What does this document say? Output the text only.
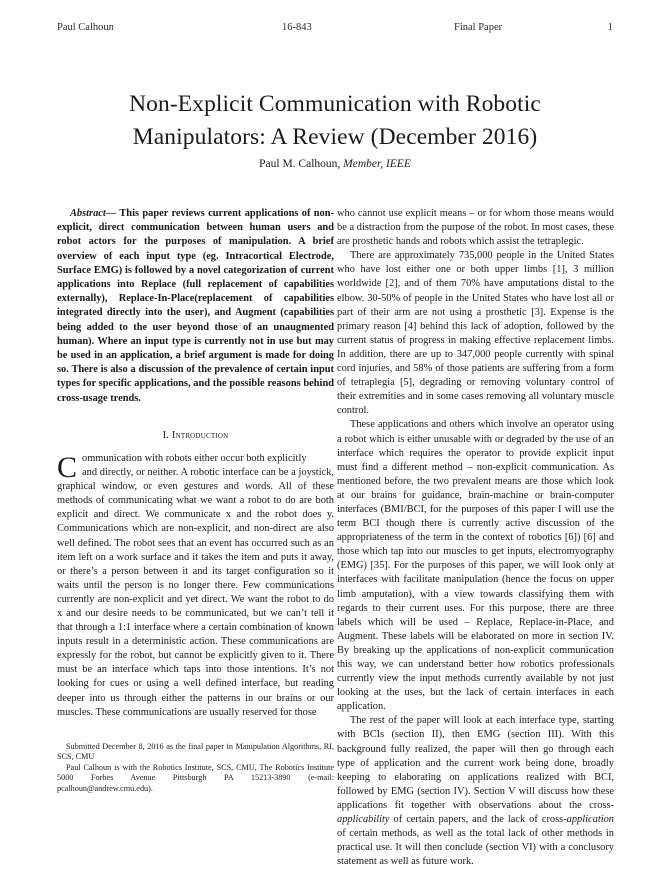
Paul Calhoun	16-843	Final Paper	1
Non-Explicit Communication with Robotic
Manipulators: A Review (December 2016)
Paul M. Calhoun, Member, IEEE

Abstract— This paper reviews current applications of non-explicit, direct communication between human users and robot actors for the purposes of manipulation. A brief overview of each input type (eg. Intracortical Electrode, Surface EMG) is followed by a novel categorization of current applications into Replace (full replacement of capabilities externally), Replace-In-Place(replacement of capabilities integrated directly into the user), and Augment (capabilities being added to the user beyond those of an unaugmented human). Where an input type is currently not in use but may be used in an application, a brief argument is made for doing so. There is also a discussion of the prevalence of certain input types for specific applications, and the possible reasons behind cross-usage trends.

I. Introduction

C ommunication with robots either occur both explicitly
and directly, or neither. A robotic interface can be a joystick, graphical window, or even gestures and words. All of these methods of communicating what we want a robot to do are both explicit and direct. We communicate x and the robot does y. Communications which are non-explicit, and non-direct are also well defined. The robot sees that an event has occurred such as an item left on a work surface and it takes the item and puts it away, or there’s a person between it and its target configuration so it waits until the person is no longer there. Few communications currently are non-explicit and yet direct. We want the robot to do x and our desire needs to be communicated, but we can’t tell it that through a 1:1 interface where a certain combination of known inputs result in a deterministic action. These communications are expressly for the robot, but cannot be explicitly given to it. There must be an interface which taps into those intentions. It’s not looking for cues or using a well defined interface, but reading deeper into us through either the patterns in our brains or our muscles. These communications are usually reserved for those

who cannot use explicit means – or for whom those means would be a distraction from the purpose of the robot. In most cases, these are prosthetic hands and robots which assist the tetraplegic.

There are approximately 735,000 people in the United States who have lost either one or both upper limbs [1], 3 million worldwide [2], and of them 70% have amputations distal to the elbow. 30-50% of people in the United States who have lost all or part of their arm are not using a prosthetic [3]. Expense is the primary reason [4] behind this lack of adoption, followed by the current status of progress in making effective replacement limbs. In addition, there are up to 347,000 people currently with spinal cord injuries, and 58% of those patients are suffering from a form of tetraplegia [5], degrading or removing voluntary control of their extremities and in some cases removing all voluntary muscle control.

These applications and others which involve an operator using a robot which is either unusable with or degraded by the use of an interface which requires the operator to provide explicit input must find a different method – non-explicit communication. As mentioned before, the two prevalent means are those which look at our brains for guidance, brain-machine or brain-computer interfaces (BMI/BCI, for the purposes of this paper I will use the term BCI though there is currently active discussion of the appropriateness of the term in the context of robotics [6]) [6] and those which tap into our muscles to get inputs, electromyography (EMG) [35]. For the purposes of this paper, we will look only at interfaces with facilitate manipulation (hence the focus on upper limb amputation), with a view towards classifying them with regards to their current uses. For this purpose, there are three labels which will be used – Replace, Replace-in-Place, and Augment. These labels will be elaborated on more in section IV. By breaking up the applications of non-explicit communication this way, we can understand better how robotics professionals currently view the input methods currently available by not just looking at the uses, but the lack of certain interfaces in each application.

The rest of the paper will look at each interface type, starting with BCIs (section II), then EMG (section III). With this background fully realized, the paper will then go through each type of application and the current work being done, broadly keeping to elaborating on applications realized with BCI, followed by EMG (section IV). Section V will discuss how these applications fit together with observations about the cross-applicability of certain papers, and the lack of cross-application of certain methods, as well as the total lack of other methods in practical use. It will then conclude (section VI) with a conclusory statement as well as future work.

Submitted December 8, 2016 as the final paper in Manipulation Algorithms, RI, SCS, CMU

Paul Calhoun is with the Robotics Institute, SCS, CMU, The Robotics Institute 5000 Forbes Avenue Pittsburgh PA 15213-3890 (e-mail: pcalhoun@andrew.cmu.edu).
